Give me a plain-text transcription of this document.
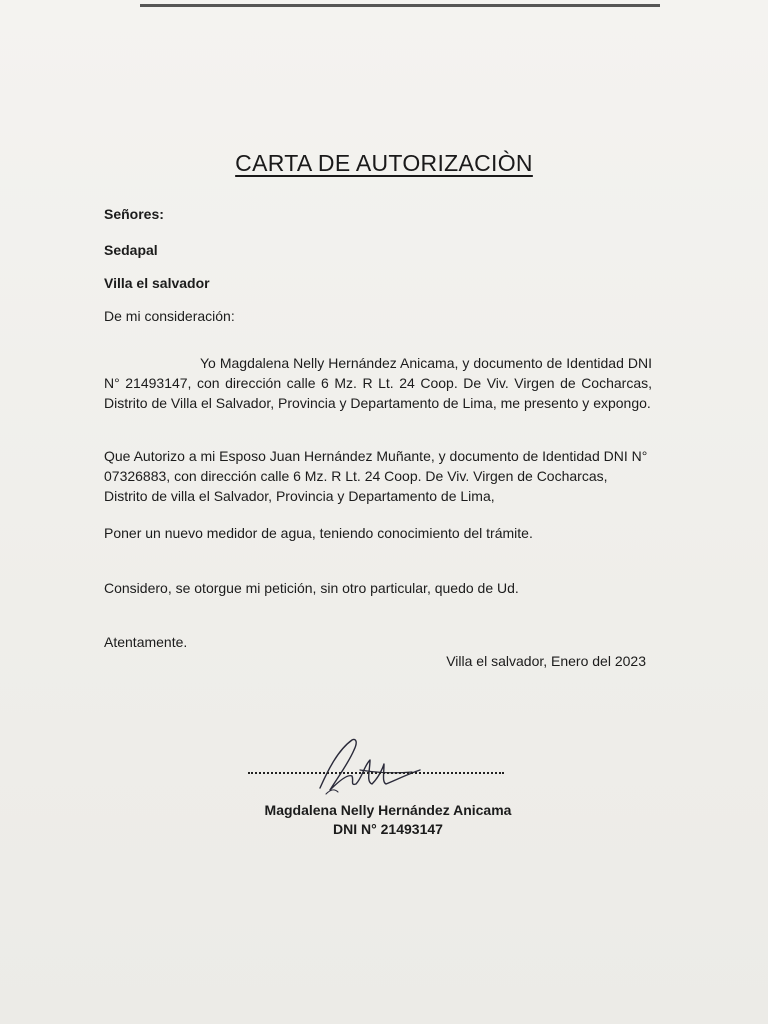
CARTA DE AUTORIZACIÒN
Señores:
Sedapal
Villa el salvador
De mi consideración:
Yo Magdalena Nelly Hernández Anicama, y documento de Identidad DNI N° 21493147, con dirección calle 6 Mz. R Lt. 24 Coop. De Viv. Virgen de Cocharcas, Distrito de Villa el Salvador, Provincia y Departamento de Lima, me presento y expongo.
Que Autorizo a mi Esposo Juan Hernández Muñante, y documento de Identidad DNI N° 07326883, con dirección calle 6 Mz. R Lt. 24 Coop. De Viv. Virgen de Cocharcas, Distrito de villa el Salvador, Provincia y Departamento de Lima,
Poner un nuevo medidor de agua, teniendo conocimiento del trámite.
Considero, se otorgue mi petición, sin otro particular, quedo de Ud.
Atentamente.
Villa el salvador, Enero del 2023
Magdalena Nelly Hernández Anicama
DNI N° 21493147
